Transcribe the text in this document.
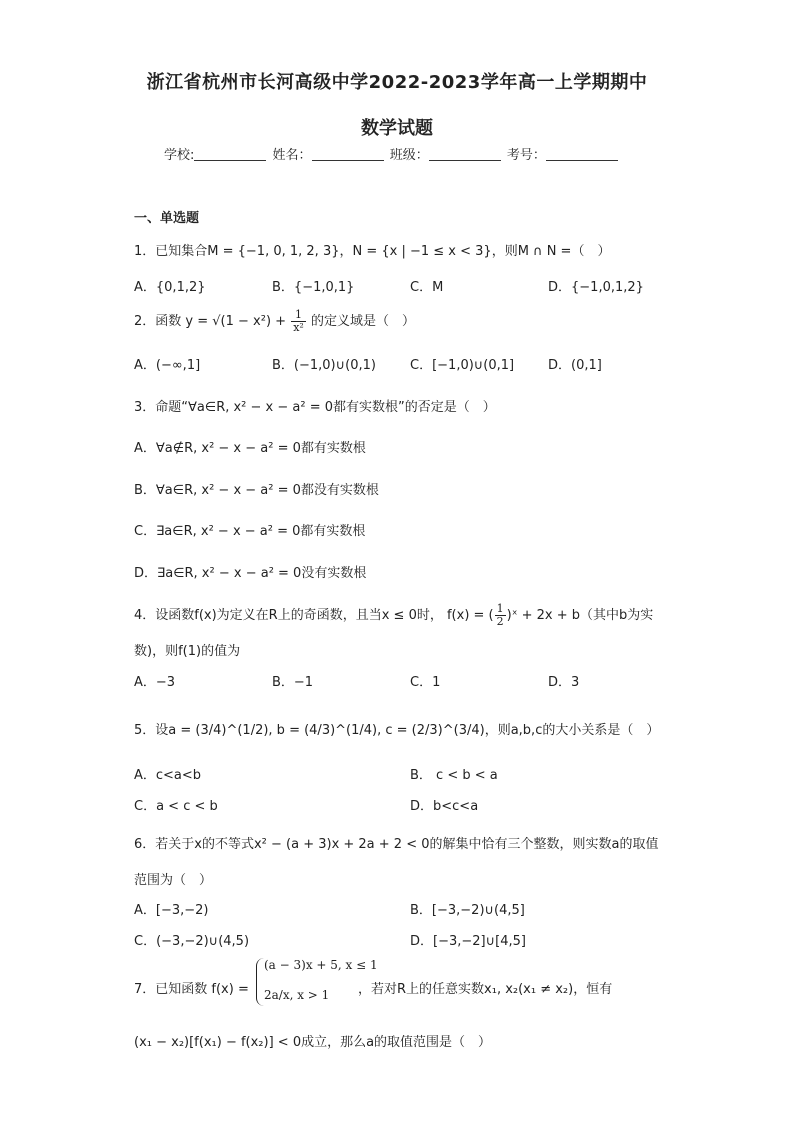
浙江省杭州市长河高级中学2022-2023学年高一上学期期中
数学试题
学校:	姓名：	班级：	考号：
一、单选题
1．已知集合M = {−1, 0, 1, 2, 3}，N = {x | −1 ≤ x < 3}，则M ∩ N =（　）
A．{0,1,2}	B．{−1,0,1}	C．M	D．{−1,0,1,2}
2．函数 $y = √(1 - x^2) + \frac{1}{\text{x²}}$ 的定义域是（　）
A．(−∞,1]	B．(−1,0)∪(0,1)	C．[−1,0)∪(0,1]	D．(0,1]
3．命题“∀a∈R, x² − x − a² = 0都有实数根”的否定是（　）
A．∀a∉R, x² − x − a² = 0都有实数根
B．∀a∈R, x² − x − a² = 0都没有实数根
C．∃a∈R, x² − x − a² = 0都有实数根
D．∃a∈R, x² − x − a² = 0没有实数根
4．设函数f(x)为定义在R上的奇函数，且当x ≤ 0时， f(x) = ( $\frac{1}{2}$ )ˣ + 2x + b（其中b为实
数)，则f(1)的值为
A．−3	B．−1	C．1	D．3
5．设a = (3/4)^(1/2), b = (4/3)^(1/4), c = (2/3)^(3/4)，则a,b,c的大小关系是（　）
A．c<a<b	B． c < b < a
C．a < c < b	D．b<c<a
6．若关于x的不等式x² − (a + 3)x + 2a + 2 < 0的解集中恰有三个整数，则实数a的取值
范围为（　）
A．[−3,−2)	B．[−3,−2)∪(4,5]
C．(−3,−2)∪(4,5)	D．[−3,−2]∪[4,5]
7．已知函数 f(x) =
(a − 3)x + 5, x ≤ 1
2a/x, x > 1 ，若对R上的任意实数x₁, x₂(x₁ ≠ x₂)，恒有
(x₁ − x₂)[f(x₁) − f(x₂)] < 0成立，那么a的取值范围是（　）
